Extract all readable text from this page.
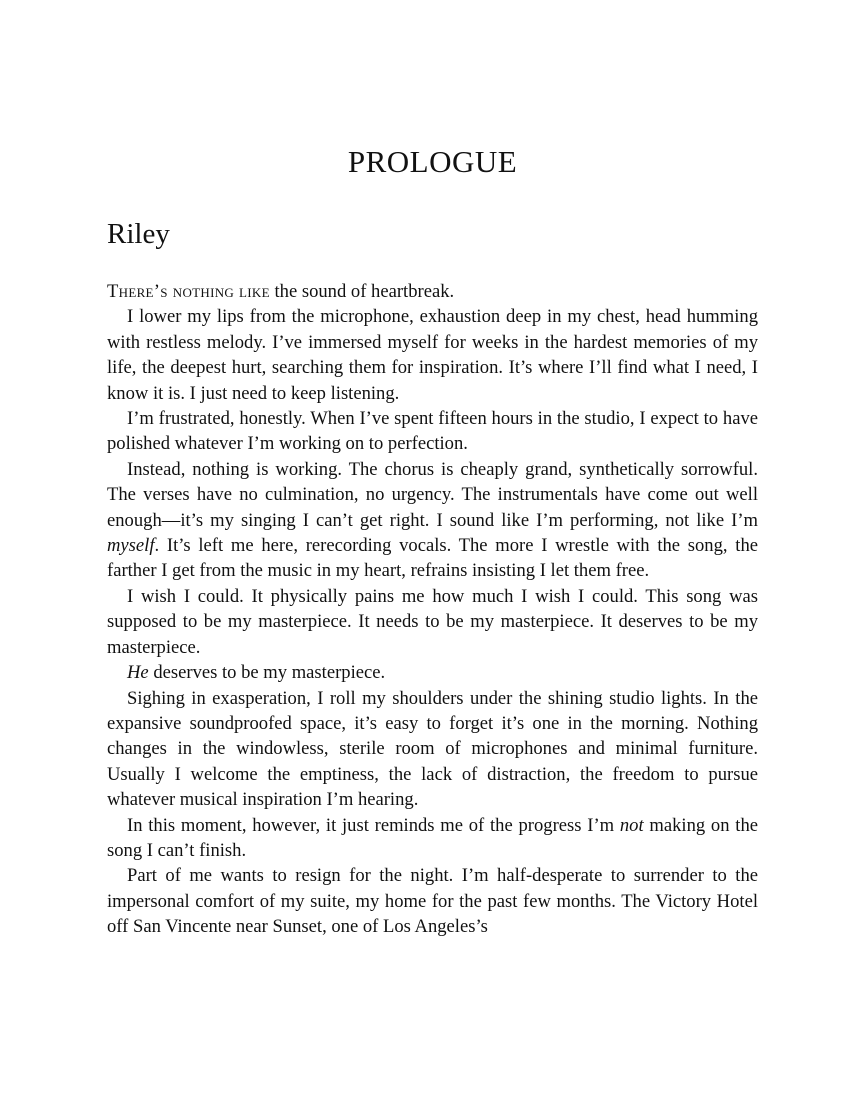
PROLOGUE
Riley

There’s nothing like the sound of heartbreak.

I lower my lips from the microphone, exhaustion deep in my chest, head humming with restless melody. I’ve immersed myself for weeks in the hardest memories of my life, the deepest hurt, searching them for inspiration. It’s where I’ll find what I need, I know it is. I just need to keep listening.

I’m frustrated, honestly. When I’ve spent fifteen hours in the studio, I expect to have polished whatever I’m working on to perfection.

Instead, nothing is working. The chorus is cheaply grand, synthetically sorrowful. The verses have no culmination, no urgency. The instrumentals have come out well enough—it’s my singing I can’t get right. I sound like I’m performing, not like I’m myself. It’s left me here, rerecording vocals. The more I wrestle with the song, the farther I get from the music in my heart, refrains insisting I let them free.

I wish I could. It physically pains me how much I wish I could. This song was supposed to be my masterpiece. It needs to be my masterpiece. It deserves to be my masterpiece.

He deserves to be my masterpiece.

Sighing in exasperation, I roll my shoulders under the shining studio lights. In the expansive soundproofed space, it’s easy to forget it’s one in the morning. Nothing changes in the windowless, sterile room of microphones and minimal furniture. Usually I welcome the emptiness, the lack of distraction, the freedom to pursue whatever musical inspiration I’m hearing.

In this moment, however, it just reminds me of the progress I’m not making on the song I can’t finish.

Part of me wants to resign for the night. I’m half-desperate to surrender to the impersonal comfort of my suite, my home for the past few months. The Victory Hotel off San Vincente near Sunset, one of Los Angeles’s
